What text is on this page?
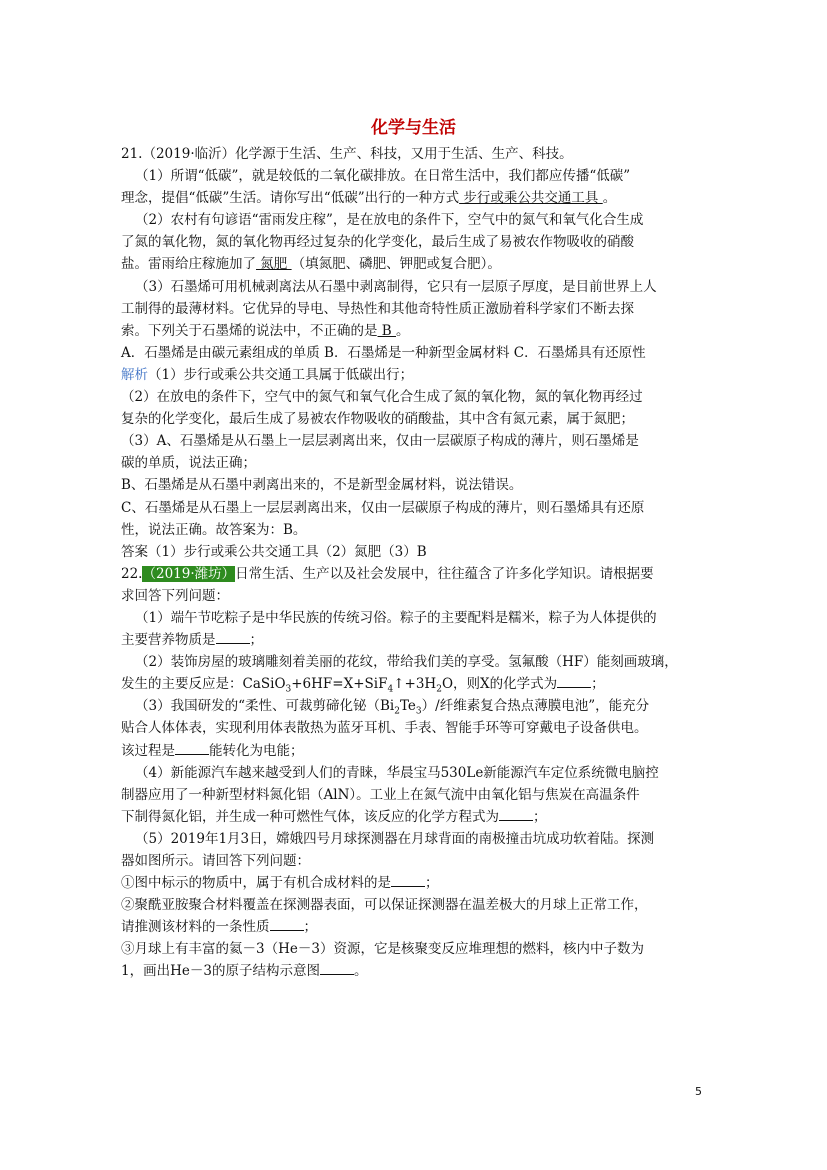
化学与生活
21.（2019·临沂）化学源于生活、生产、科技，又用于生活、生产、科技。
（1）所谓“低碳”，就是较低的二氧化碳排放。在日常生活中，我们都应传播“低碳”
理念，提倡“低碳”生活。请你写出“低碳”出行的一种方式 步行或乘公共交通工具 。
（2）农村有句谚语“雷雨发庄稼”，是在放电的条件下，空气中的氮气和氧气化合生成
了氮的氧化物，氮的氧化物再经过复杂的化学变化，最后生成了易被农作物吸收的硝酸
盐。雷雨给庄稼施加了 氮肥 （填氮肥、磷肥、钾肥或复合肥）。
（3）石墨烯可用机械剥离法从石墨中剥离制得，它只有一层原子厚度，是目前世界上人
工制得的最薄材料。它优异的导电、导热性和其他奇特性质正激励着科学家们不断去探
索。下列关于石墨烯的说法中，不正确的是 B 。
A．石墨烯是由碳元素组成的单质 B．石墨烯是一种新型金属材料 C．石墨烯具有还原性
解析（1）步行或乘公共交通工具属于低碳出行；
（2）在放电的条件下，空气中的氮气和氧气化合生成了氮的氧化物，氮的氧化物再经过
复杂的化学变化，最后生成了易被农作物吸收的硝酸盐，其中含有氮元素，属于氮肥；
（3）A、石墨烯是从石墨上一层层剥离出来，仅由一层碳原子构成的薄片，则石墨烯是
碳的单质，说法正确；
B、石墨烯是从石墨中剥离出来的，不是新型金属材料，说法错误。
C、石墨烯是从石墨上一层层剥离出来，仅由一层碳原子构成的薄片，则石墨烯具有还原
性，说法正确。故答案为：B。
答案（1）步行或乘公共交通工具（2）氮肥（3）B
22.（2019·潍坊）日常生活、生产以及社会发展中，往往蕴含了许多化学知识。请根据要
求回答下列问题：
（1）端午节吃粽子是中华民族的传统习俗。粽子的主要配料是糯米，粽子为人体提供的
主要营养物质是	；
（2）装饰房屋的玻璃雕刻着美丽的花纹，带给我们美的享受。氢氟酸（HF）能刻画玻璃，
发生的主要反应是：$CaSiO_3+6HF=X+SiF_4↑+3H_2O$，则X的化学式为	；
（3）我国研发的“柔性、可裁剪碲化铋$(Bi_2Te_3)/$纤维素复合热点薄膜电池”，能充分
贴合人体体表，实现利用体表散热为蓝牙耳机、手表、智能手环等可穿戴电子设备供电。
该过程是	能转化为电能；
（4）新能源汽车越来越受到人们的青睐，华晨宝马530Le新能源汽车定位系统微电脑控
制器应用了一种新型材料氮化铝（AlN）。工业上在氮气流中由氧化铝与焦炭在高温条件
下制得氮化铝，并生成一种可燃性气体，该反应的化学方程式为	；
（5）2019年1月3日，嫦娥四号月球探测器在月球背面的南极撞击坑成功软着陆。探测
器如图所示。请回答下列问题：
①图中标示的物质中，属于有机合成材料的是	；
②聚酰亚胺聚合材料覆盖在探测器表面，可以保证探测器在温差极大的月球上正常工作，
请推测该材料的一条性质	；
③月球上有丰富的氦－3（He－3）资源，它是核聚变反应堆理想的燃料，核内中子数为
1，画出He－3的原子结构示意图	。
5
